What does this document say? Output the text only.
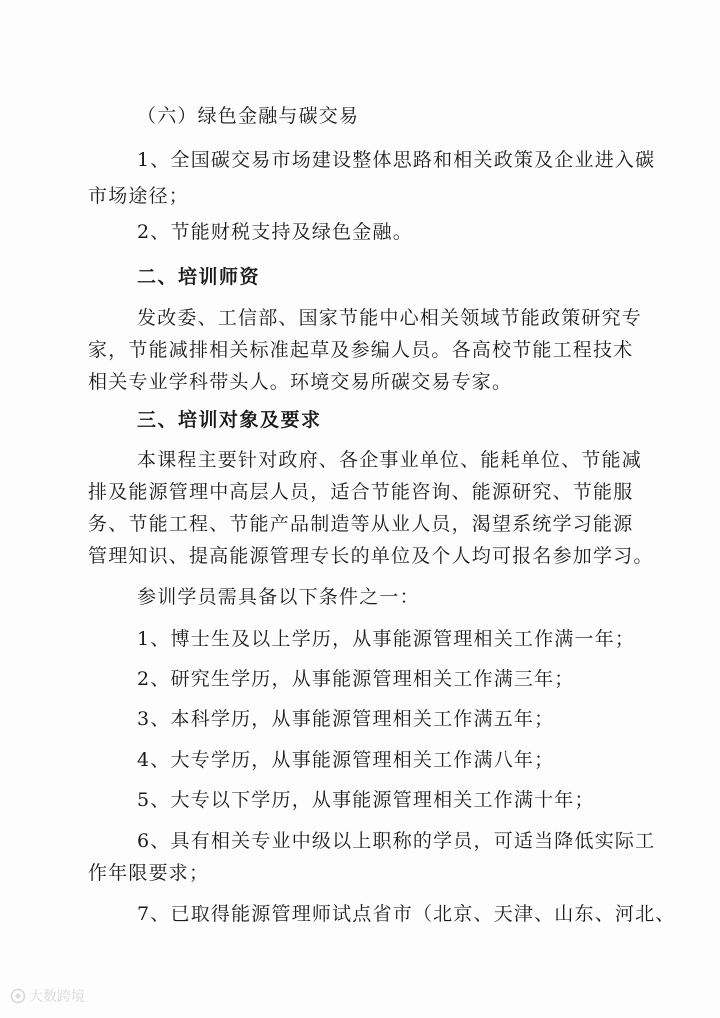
（六）绿色金融与碳交易
1、全国碳交易市场建设整体思路和相关政策及企业进入碳
市场途径；
2、节能财税支持及绿色金融。
二、培训师资
发改委、工信部、国家节能中心相关领域节能政策研究专
家，节能减排相关标准起草及参编人员。各高校节能工程技术
相关专业学科带头人。环境交易所碳交易专家。
三、培训对象及要求
本课程主要针对政府、各企事业单位、能耗单位、节能减
排及能源管理中高层人员，适合节能咨询、能源研究、节能服
务、节能工程、节能产品制造等从业人员，渴望系统学习能源
管理知识、提高能源管理专长的单位及个人均可报名参加学习。
参训学员需具备以下条件之一：
1、博士生及以上学历，从事能源管理相关工作满一年；
2、研究生学历，从事能源管理相关工作满三年；
3、本科学历，从事能源管理相关工作满五年；
4、大专学历，从事能源管理相关工作满八年；
5、大专以下学历，从事能源管理相关工作满十年；
6、具有相关专业中级以上职称的学员，可适当降低实际工
作年限要求；
7、已取得能源管理师试点省市（北京、天津、山东、河北、
大数跨境
